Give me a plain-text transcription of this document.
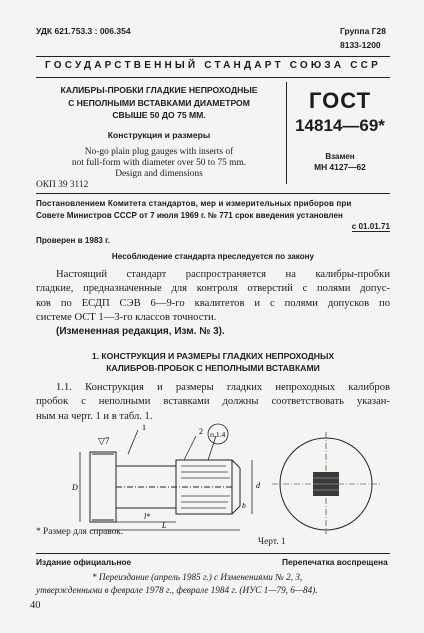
УДК 621.753.3 : 006.354	Группа Г28
8133-1200
ГОСУДАРСТВЕННЫЙ СТАНДАРТ СОЮЗА ССР
КАЛИБРЫ-ПРОБКИ ГЛАДКИЕ НЕПРОХОДНЫЕ
С НЕПОЛНЫМИ ВСТАВКАМИ ДИАМЕТРОМ
СВЫШЕ 50 ДО 75 ММ.
Конструкция и размеры
No-go plain plug gauges with inserts of
not full-form with diameter over 50 to 75 mm.
Design and dimensions
ГОСТ
14814—69*
Взамен
МН 4127—62
ОКП 39 3112
Постановлением Комитета стандартов, мер и измерительных приборов при
Совете Министров СССР от 7 июля 1969 г. № 771 срок введения установлен
с 01.01.71
Проверен в 1983 г.
Несоблюдение стандарта преследуется по закону
Настоящий стандарт распространяется на калибры-пробки
гладкие, предназначенные для контроля отверстий с полями допус-
ков по ЕСДП СЭВ 6—9-го квалитетов и с полями допусков по
системе ОСТ 1—3-го классов точности.
(Измененная редакция, Изм. № 3).
1. КОНСТРУКЦИЯ И РАЗМЕРЫ ГЛАДКИХ НЕПРОХОДНЫХ
КАЛИБРОВ-ПРОБОК С НЕПОЛНЫМИ ВСТАВКАМИ
1.1. Конструкция и размеры гладких непроходных калибров
пробок с неполными вставками должны соответствовать указан-
ным на черт. 1 и в табл. 1.
п.1.4
2
1
▽7
D	d
l*
L
b
* Размер для справок.
Черт. 1
Издание официальное	Перепечатка воспрещена
* Переиздание (апрель 1985 г.) с Изменениями № 2, 3,
утвержденными в феврале 1978 г., феврале 1984 г. (ИУС 1—79, 6—84).
40
